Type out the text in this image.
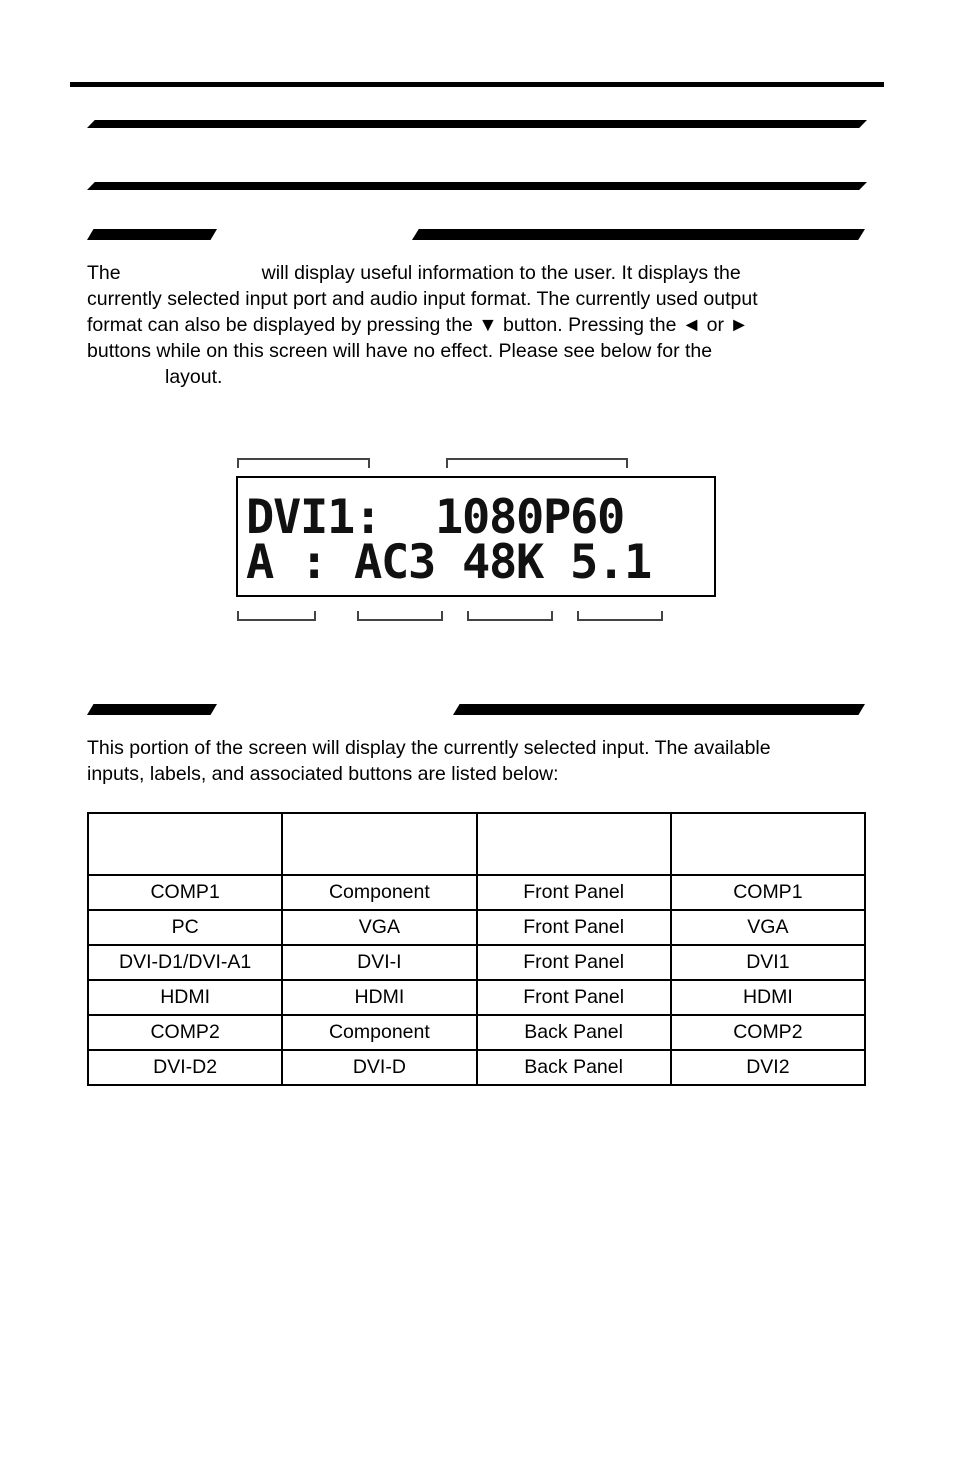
The	will display useful information to the user. It displays the
currently selected input port and audio input format. The currently used output
format can also be displayed by pressing the ▼ button. Pressing the ◄ or ►
buttons while on this screen will have no effect. Please see below for the
layout.
DVI1:  1080P60
A : AC3 48K 5.1
This portion of the screen will display the currently selected input. The available
inputs, labels, and associated buttons are listed below:

COMP1	Component	Front Panel	COMP1
PC	VGA	Front Panel	VGA
DVI-D1/DVI-A1	DVI-I	Front Panel	DVI1
HDMI	HDMI	Front Panel	HDMI
COMP2	Component	Back Panel	COMP2
DVI-D2	DVI-D	Back Panel	DVI2
